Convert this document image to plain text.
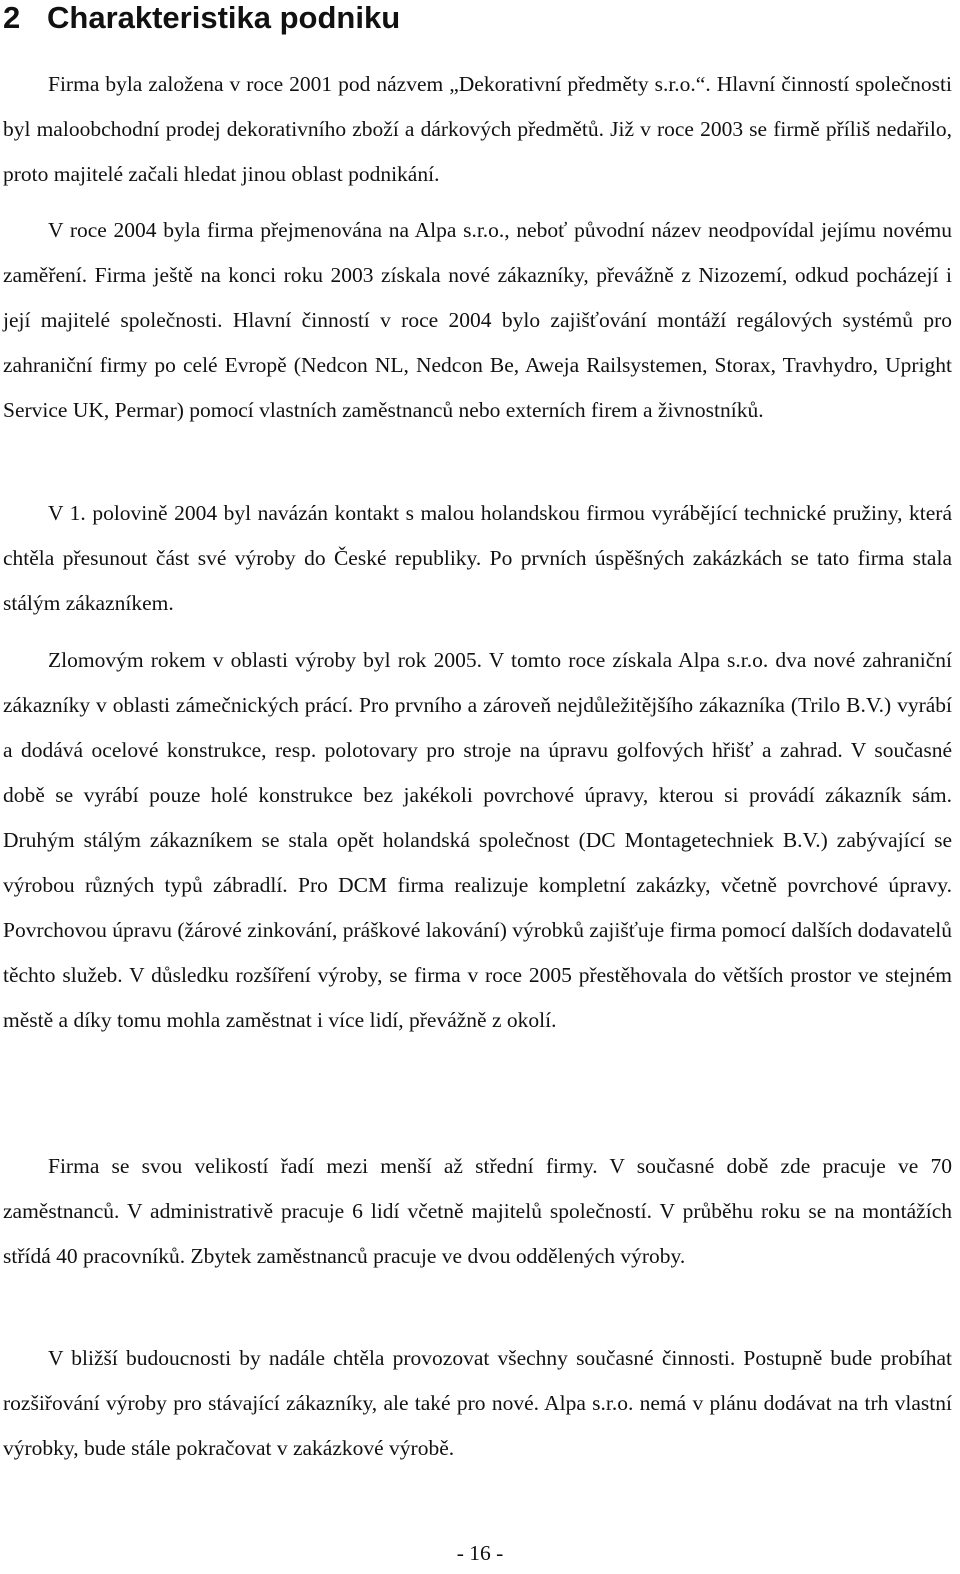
2 Charakteristika podniku

Firma byla založena v roce 2001 pod názvem „Dekorativní předměty s.r.o.“. Hlavní činností společnosti byl maloobchodní prodej dekorativního zboží a dárkových předmětů. Již v roce 2003 se firmě příliš nedařilo, proto majitelé začali hledat jinou oblast podnikání.

V roce 2004 byla firma přejmenována na Alpa s.r.o., neboť původní název neodpovídal jejímu novému zaměření. Firma ještě na konci roku 2003 získala nové zákazníky, převážně z Nizozemí, odkud pocházejí i její majitelé společnosti. Hlavní činností v roce 2004 bylo zajišťování montáží regálových systémů pro zahraniční firmy po celé Evropě (Nedcon NL, Nedcon Be, Aweja Railsystemen, Storax, Travhydro, Upright Service UK, Permar) pomocí vlastních zaměstnanců nebo externích firem a živnostníků.

V 1. polovině 2004 byl navázán kontakt s malou holandskou firmou vyrábějící technické pružiny, která chtěla přesunout část své výroby do České republiky. Po prvních úspěšných zakázkách se tato firma stala stálým zákazníkem.

Zlomovým rokem v oblasti výroby byl rok 2005. V tomto roce získala Alpa s.r.o. dva nové zahraniční zákazníky v oblasti zámečnických prácí. Pro prvního a zároveň nejdůležitějšího zákazníka (Trilo B.V.) vyrábí a dodává ocelové konstrukce, resp. polotovary pro stroje na úpravu golfových hřišť a zahrad. V současné době se vyrábí pouze holé konstrukce bez jakékoli povrchové úpravy, kterou si provádí zákazník sám. Druhým stálým zákazníkem se stala opět holandská společnost (DC Montagetechniek B.V.) zabývající se výrobou různých typů zábradlí. Pro DCM firma realizuje kompletní zakázky, včetně povrchové úpravy. Povrchovou úpravu (žárové zinkování, práškové lakování) výrobků zajišťuje firma pomocí dalších dodavatelů těchto služeb. V důsledku rozšíření výroby, se firma v roce 2005 přestěhovala do větších prostor ve stejném městě a díky tomu mohla zaměstnat i více lidí, převážně z okolí.

Firma se svou velikostí řadí mezi menší až střední firmy. V současné době zde pracuje ve 70 zaměstnanců. V administrativě pracuje 6 lidí včetně majitelů společností. V průběhu roku se na montážích střídá 40 pracovníků. Zbytek zaměstnanců pracuje ve dvou oddělených výroby.

V bližší budoucnosti by nadále chtěla provozovat všechny současné činnosti. Postupně bude probíhat rozšiřování výroby pro stávající zákazníky, ale také pro nové. Alpa s.r.o. nemá v plánu dodávat na trh vlastní výrobky, bude stále pokračovat v zakázkové výrobě.

- 16 -
